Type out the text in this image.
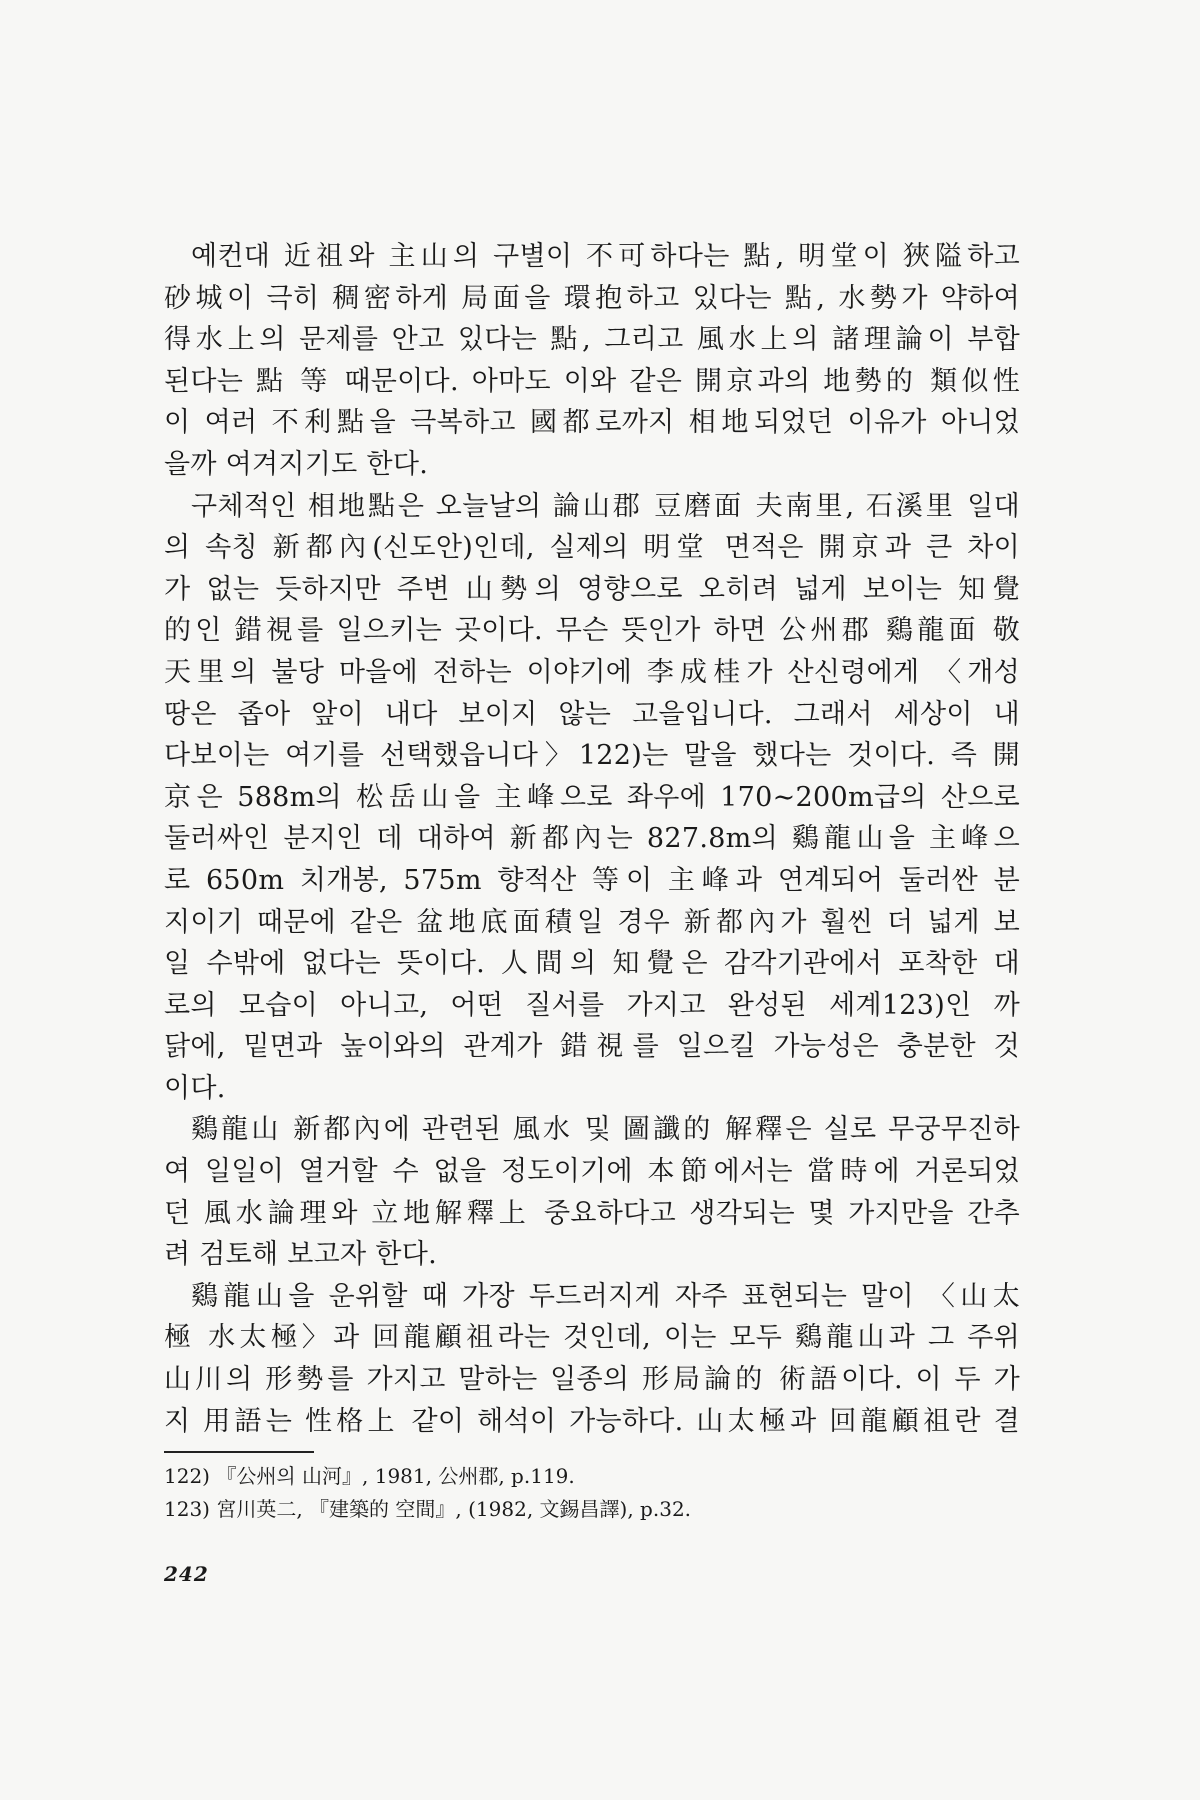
예컨대 近祖와 主山의 구별이 不可하다는 點, 明堂이 狹隘하고
砂城이 극히 稠密하게 局面을 環抱하고 있다는 點, 水勢가 약하여
得水上의 문제를 안고 있다는 點, 그리고 風水上의 諸理論이 부합
된다는 點 等 때문이다. 아마도 이와 같은 開京과의 地勢的 類似性
이 여러 不利點을 극복하고 國都로까지 相地되었던 이유가 아니었
을까 여겨지기도 한다.
구체적인 相地點은 오늘날의 論山郡 豆磨面 夫南里, 石溪里 일대
의 속칭 新都內(신도안)인데, 실제의 明堂 면적은 開京과 큰 차이
가 없는 듯하지만 주변 山勢의 영향으로 오히려 넓게 보이는 知覺
的인 錯視를 일으키는 곳이다. 무슨 뜻인가 하면 公州郡 鷄龍面 敬
天里의 불당 마을에 전하는 이야기에 李成桂가 산신령에게 〈개성
땅은 좁아 앞이 내다 보이지 않는 고을입니다. 그래서 세상이 내
다보이는 여기를 선택했읍니다〉122)는 말을 했다는 것이다. 즉 開
京은 588m의 松岳山을 主峰으로 좌우에 170∼200m급의 산으로
둘러싸인 분지인 데 대하여 新都內는 827.8m의 鷄龍山을 主峰으
로 650m 치개봉, 575m 향적산 等이 主峰과 연계되어 둘러싼 분
지이기 때문에 같은 盆地底面積일 경우 新都內가 훨씬 더 넓게 보
일 수밖에 없다는 뜻이다. 人間의 知覺은 감각기관에서 포착한 대
로의 모습이 아니고, 어떤 질서를 가지고 완성된 세계123)인 까
닭에, 밑면과 높이와의 관계가 錯視를 일으킬 가능성은 충분한 것
이다.
鷄龍山 新都內에 관련된 風水 및 圖讖的 解釋은 실로 무궁무진하
여 일일이 열거할 수 없을 정도이기에 本節에서는 當時에 거론되었
던 風水論理와 立地解釋上 중요하다고 생각되는 몇 가지만을 간추
려 검토해 보고자 한다.
鷄龍山을 운위할 때 가장 두드러지게 자주 표현되는 말이 〈山太
極 水太極〉과 回龍顧祖라는 것인데, 이는 모두 鷄龍山과 그 주위
山川의 形勢를 가지고 말하는 일종의 形局論的 術語이다. 이 두 가
지 用語는 性格上 같이 해석이 가능하다. 山太極과 回龍顧祖란 결
122) 『公州의 山河』, 1981, 公州郡, p.119.
123) 宮川英二, 『建築的 空間』, (1982, 文錫昌譯), p.32.
242
